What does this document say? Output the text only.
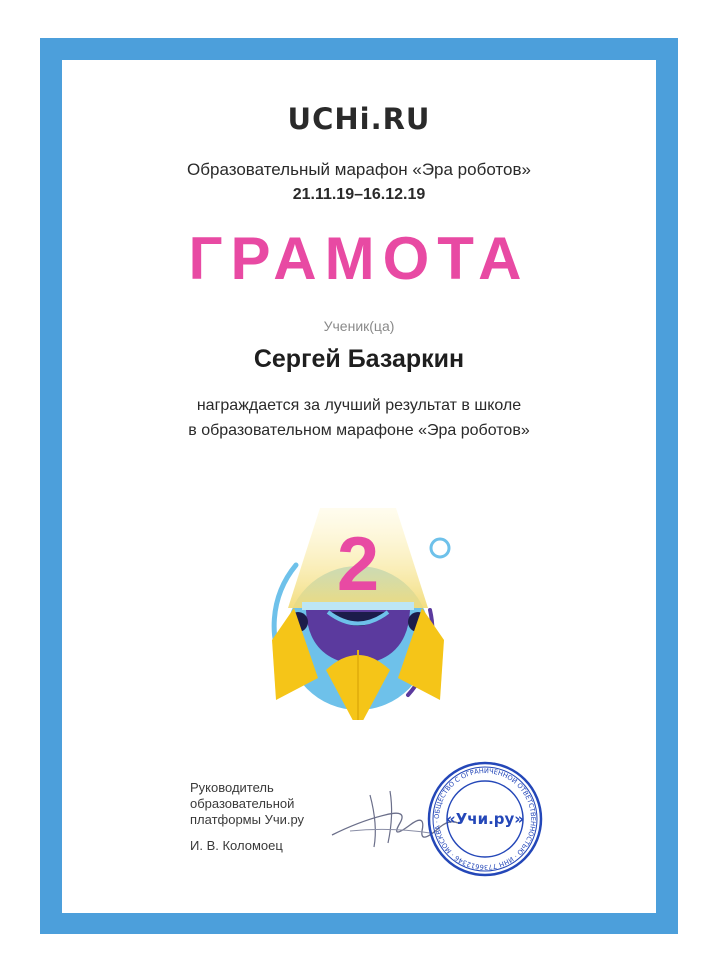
UCHi.RU
Образовательный марафон «Эра роботов»
21.11.19–16.12.19
ГРАМОТА
Ученик(ца)
Сергей Базаркин
награждается за лучший результат в школе
в образовательном марафоне «Эра роботов»
2
Руководитель
образовательной
платформы Учи.ру
И. В. Коломоец
ОБЩЕСТВО С ОГРАНИЧЕННОЙ ОТВЕТСТВЕННОСТЬЮ · ИНН 7736612346 · МОСКВА · «Учи.ру»
